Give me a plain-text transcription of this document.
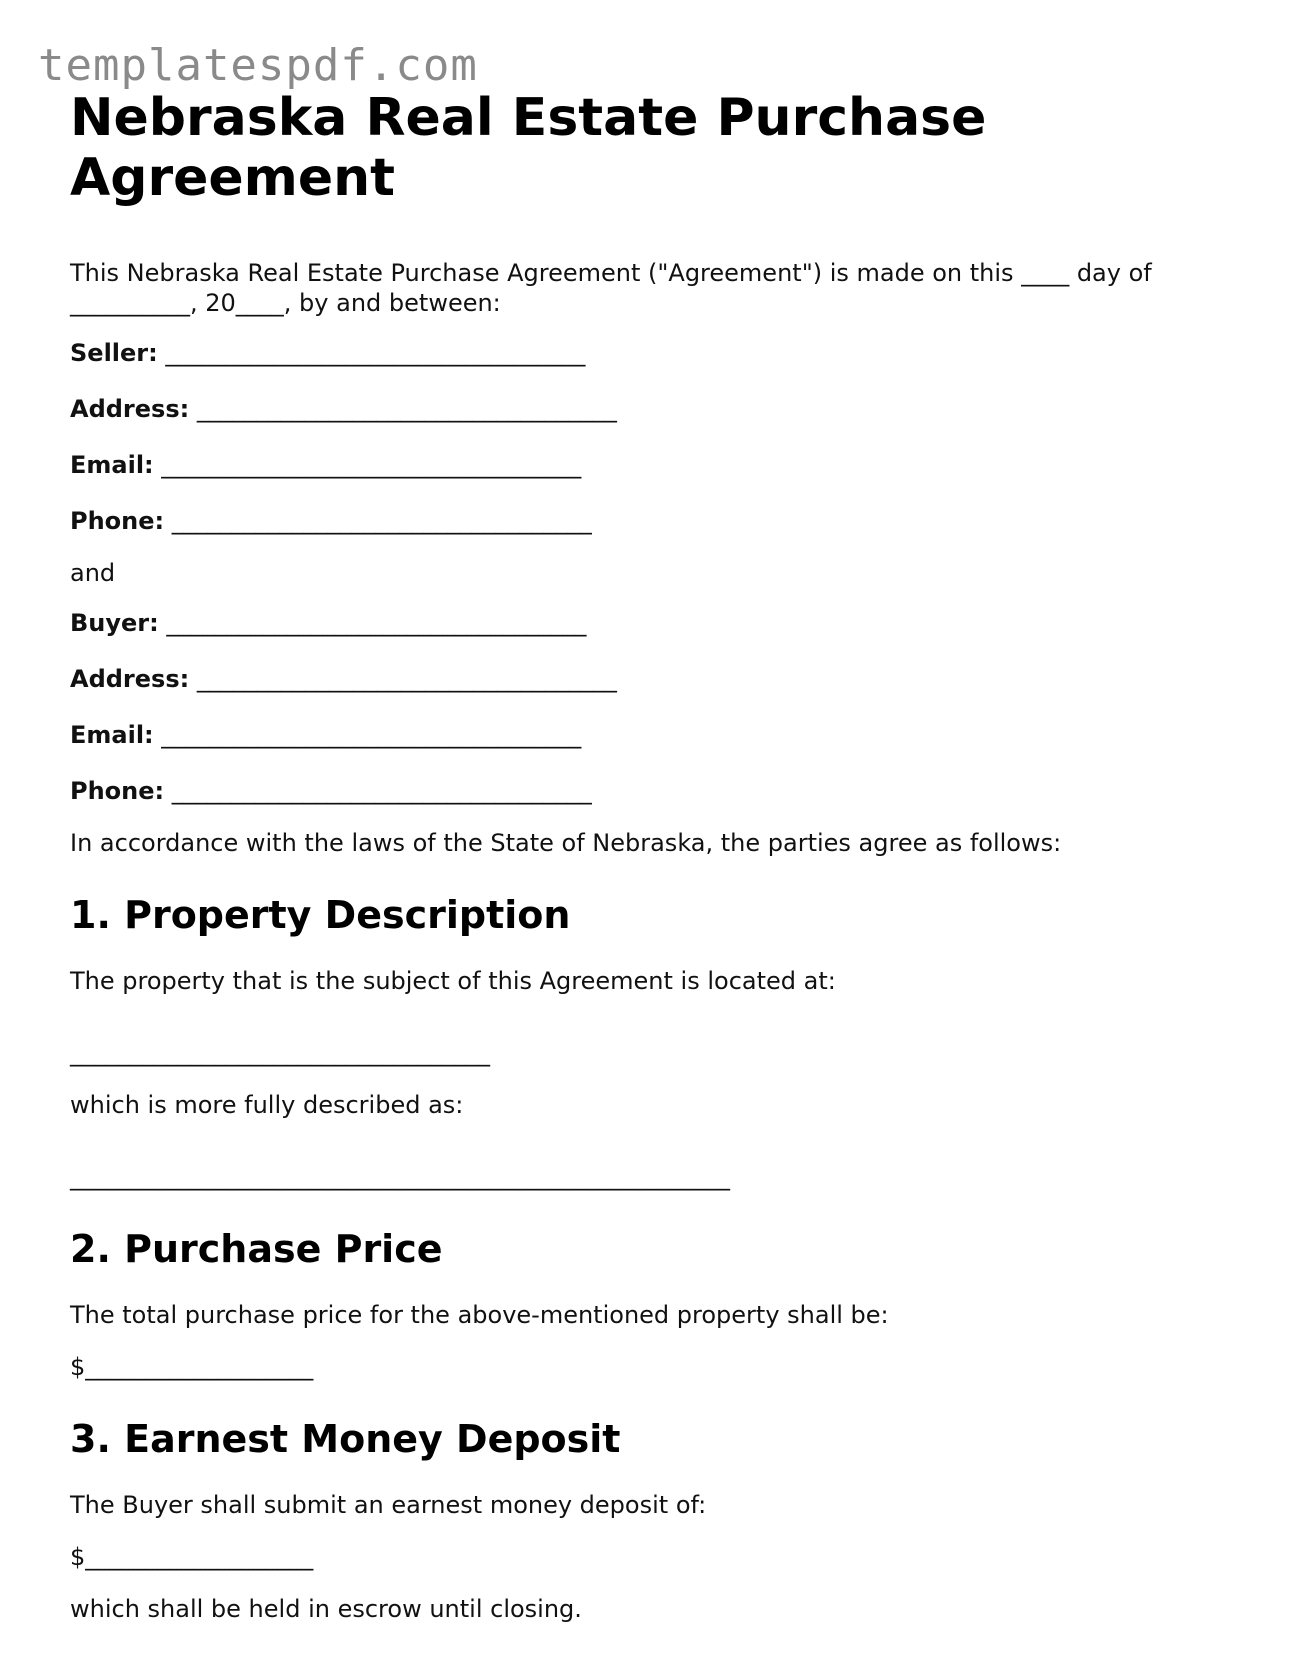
templatespdf.com
Nebraska Real Estate Purchase Agreement

This Nebraska Real Estate Purchase Agreement ("Agreement") is made on this ____ day of __________, 20____, by and between:

Seller: ___________________________________
Address: ___________________________________
Email: ___________________________________
Phone: ___________________________________

and

Buyer: ___________________________________
Address: ___________________________________
Email: ___________________________________
Phone: ___________________________________

In accordance with the laws of the State of Nebraska, the parties agree as follows:

1. Property Description

The property that is the subject of this Agreement is located at:

___________________________________

which is more fully described as:

_______________________________________________________

2. Purchase Price

The total purchase price for the above-mentioned property shall be:

$___________________

3. Earnest Money Deposit

The Buyer shall submit an earnest money deposit of:

$___________________

which shall be held in escrow until closing.
